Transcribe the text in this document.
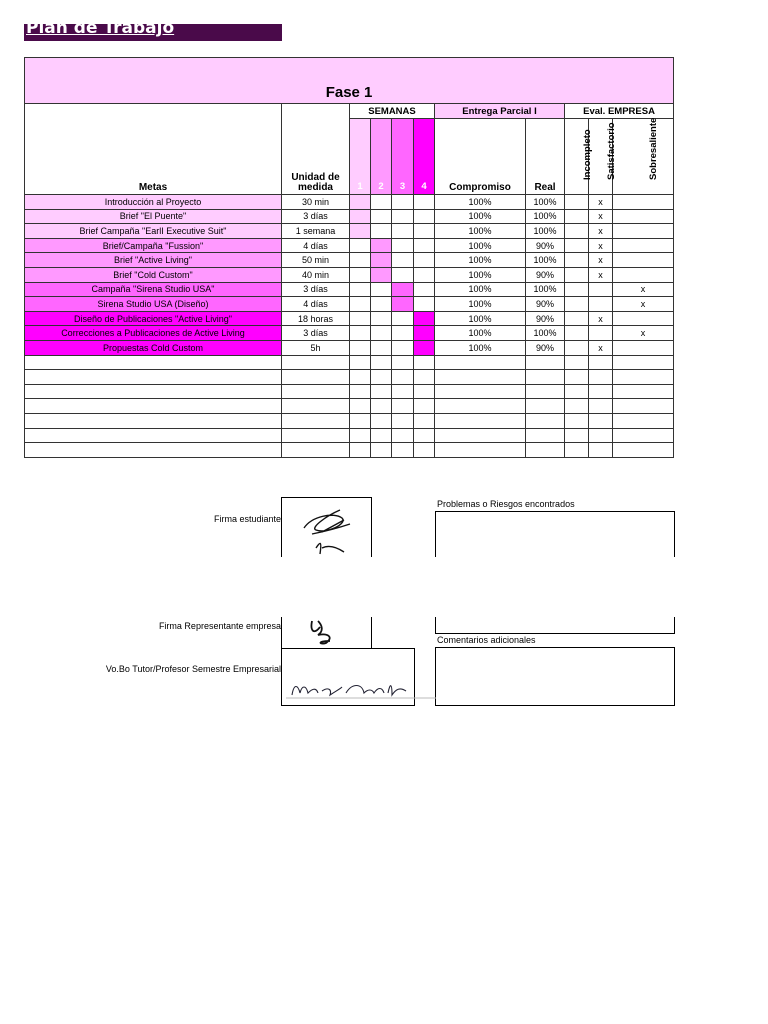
Plan de Trabajo
Fase 1										
Metas	Unidad de medida	SEMANAS				Entrega Parcial I		Eval. EMPRESA		

		1	2	3	4	Compromiso	Real	Incompleto	Satisfactorio	Sobresaliente

Introducción al Proyecto	30 min					100%	100%		x	
Brief "El Puente"	3 días					100%	100%		x	
Brief Campaña "EarlI Executive Suit"	1 semana					100%	100%		x	
Brief/Campaña "Fussion"	4 días					100%	90%		x	
Brief "Active Living"	50 min					100%	100%		x	
Brief "Cold Custom"	40 min					100%	90%		x	
Campaña "Sirena Studio USA"	3 días					100%	100%			x
Sirena Studio USA (Diseño)	4 días					100%	90%			x
Diseño de Publicaciones "Active Living"	18 horas					100%	90%		x	
Correcciones a Publicaciones de Active Living	3 días					100%	100%			x
Propuestas Cold Custom	5h					100%	90%		x	

Firma estudiante
Problemas o Riesgos encontrados
Firma Representante empresa
Comentarios adicionales
Vo.Bo Tutor/Profesor Semestre Empresarial
